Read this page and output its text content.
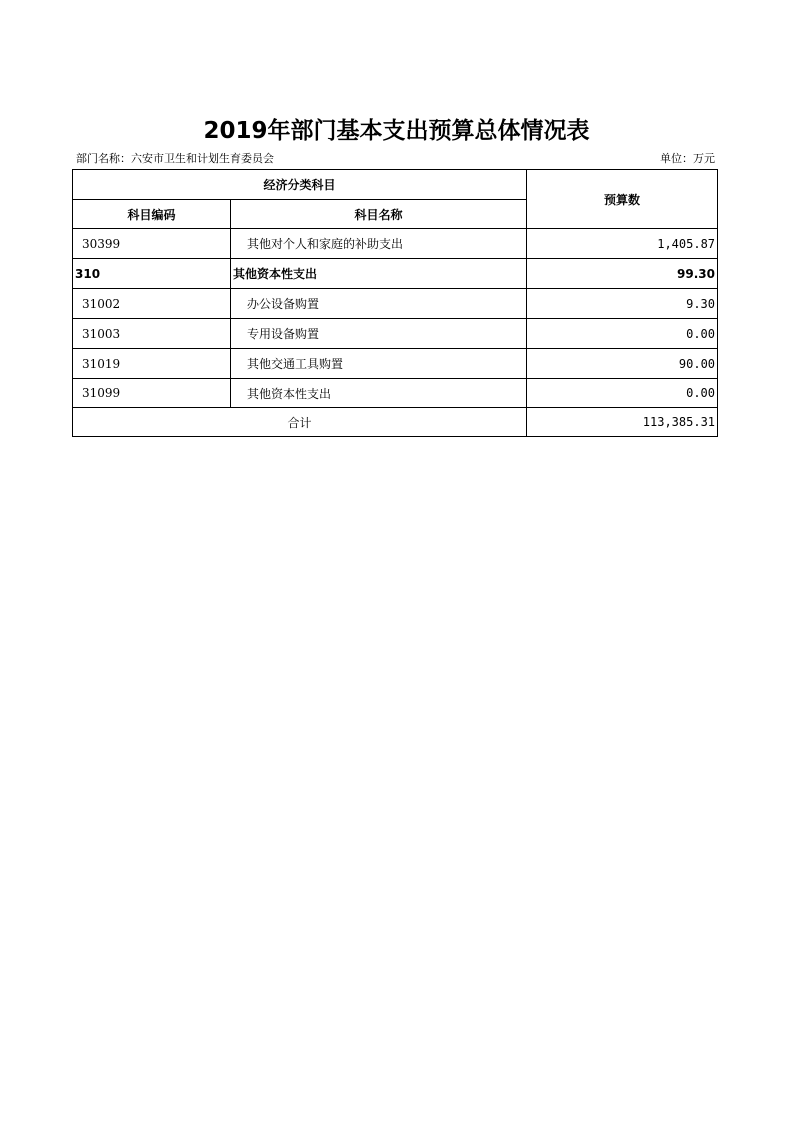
2019年部门基本支出预算总体情况表
部门名称：六安市卫生和计划生育委员会	单位：万元
经济分类科目		预算数
科目编码	科目名称	
30399	其他对个人和家庭的补助支出	1,405.87
310	其他资本性支出	99.30
31002	办公设备购置	9.30
31003	专用设备购置	0.00
31019	其他交通工具购置	90.00
31099	其他资本性支出	0.00
合计		113,385.31
